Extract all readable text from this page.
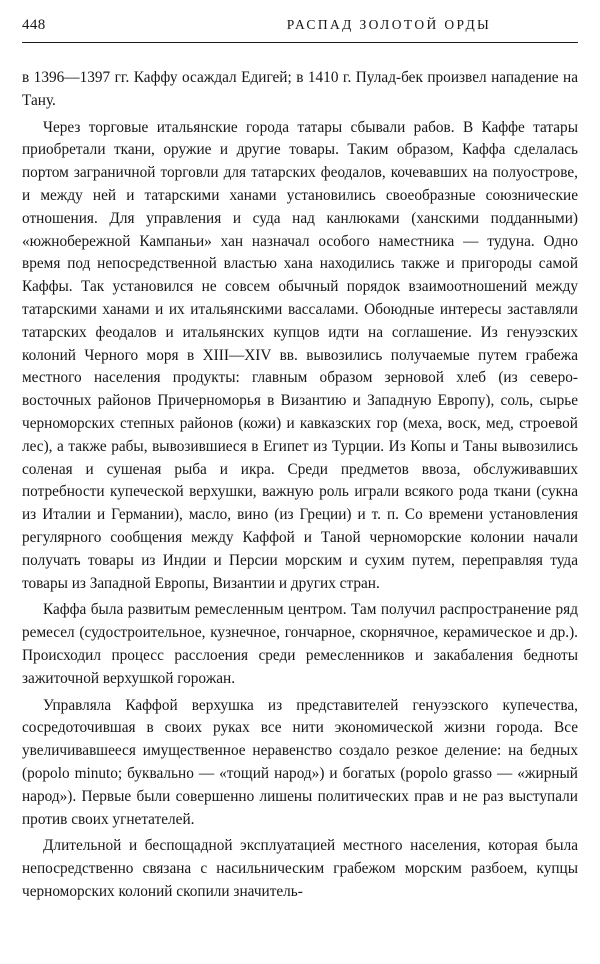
448	РАСПАД ЗОЛОТОЙ ОРДЫ

в 1396—1397 гг. Каффу осаждал Едигей; в 1410 г. Пулад-бек произвел нападение на Тану.

Через торговые итальянские города татары сбывали рабов. В Каффе татары приобретали ткани, оружие и другие товары. Таким образом, Каффа сделалась портом заграничной торговли для татарских феодалов, кочевавших на полуострове, и между ней и татарскими ханами установились своеобразные союзнические отношения. Для управления и суда над канлюками (ханскими подданными) «южнобережной Кампаньи» хан назначал особого наместника — тудуна. Одно время под непосредственной властью хана находились также и пригороды самой Каффы. Так установился не совсем обычный порядок взаимоотношений между татарскими ханами и их итальянскими вассалами. Обоюдные интересы заставляли татарских феодалов и итальянских купцов идти на соглашение. Из генуэзских колоний Черного моря в XIII—XIV вв. вывозились получаемые путем грабежа местного населения продукты: главным образом зерновой хлеб (из северо-восточных районов Причерноморья в Византию и Западную Европу), соль, сырье черноморских степных районов (кожи) и кавказских гор (меха, воск, мед, строевой лес), а также рабы, вывозившиеся в Египет из Турции. Из Копы и Таны вывозились соленая и сушеная рыба и икра. Среди предметов ввоза, обслуживавших потребности купеческой верхушки, важную роль играли всякого рода ткани (сукна из Италии и Германии), масло, вино (из Греции) и т. п. Со времени установления регулярного сообщения между Каффой и Таной черноморские колонии начали получать товары из Индии и Персии морским и сухим путем, переправляя туда товары из Западной Европы, Византии и других стран.

Каффа была развитым ремесленным центром. Там получил распространение ряд ремесел (судостроительное, кузнечное, гончарное, скорнячное, керамическое и др.). Происходил процесс расслоения среди ремесленников и закабаления бедноты зажиточной верхушкой горожан.

Управляла Каффой верхушка из представителей генуэзского купечества, сосредоточившая в своих руках все нити экономической жизни города. Все увеличивавшееся имущественное неравенство создало резкое деление: на бедных (popolo minuto; буквально — «тощий народ») и богатых (popolo grasso — «жирный народ»). Первые были совершенно лишены политических прав и не раз выступали против своих угнетателей.

Длительной и беспощадной эксплуатацией местного населения, которая была непосредственно связана с насильническим грабежом морским разбоем, купцы черноморских колоний скопили значитель-
